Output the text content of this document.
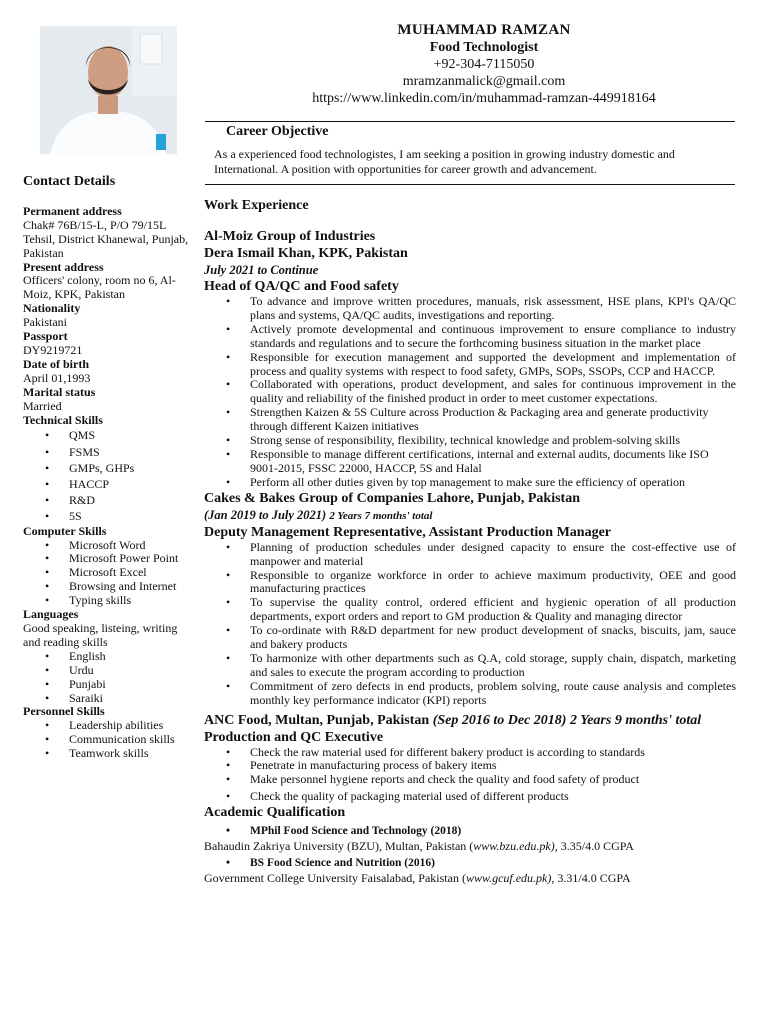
MUHAMMAD RAMZAN
Food Technologist
+92-304-7115050
mramzanmalick@gmail.com
https://www.linkedin.com/in/muhammad-ramzan-449918164
Career Objective
As a experienced food technologistes, I am seeking a position in growing industry domestic and International. A position with opportunities for career growth and advancement.
Contact Details
Permanent address
Chak# 76B/15-L, P/O 79/15L Tehsil, District Khanewal, Punjab, Pakistan
Present address
Officers' colony, room no 6, Al-Moiz, KPK, Pakistan
Nationality
Pakistani
Passport
DY9219721
Date of birth
April 01,1993
Marital status
Married
Technical Skills
• QMS
• FSMS
• GMPs, GHPs
• HACCP
• R&D
• 5S
Computer Skills
• Microsoft Word
• Microsoft Power Point
• Microsoft Excel
• Browsing and Internet
• Typing skills
Languages
Good speaking, listeing, writing and reading skills
• English
• Urdu
• Punjabi
• Saraiki
Personnel Skills
• Leadership abilities
• Communication skills
• Teamwork skills
Work Experience
Al-Moiz Group of Industries
Dera Ismail Khan, KPK, Pakistan
July 2021 to Continue
Head of QA/QC and Food safety
• To advance and improve written procedures, manuals, risk assessment, HSE plans, KPI's QA/QC plans and systems, QA/QC audits, investigations and reporting.
• Actively promote developmental and continuous improvement to ensure compliance to industry standards and regulations and to secure the forthcoming business situation in the market place
• Responsible for execution management and supported the development and implementation of process and quality systems with respect to food safety, GMPs, SOPs, SSOPs, CCP and HACCP.
• Collaborated with operations, product development, and sales for continuous improvement in the quality and reliability of the finished product in order to meet customer expectations.
• Strengthen Kaizen & 5S Culture across Production & Packaging area and generate productivity through different Kaizen initiatives
• Strong sense of responsibility, flexibility, technical knowledge and problem-solving skills
• Responsible to manage different certifications, internal and external audits, documents like ISO 9001-2015, FSSC 22000, HACCP, 5S and Halal
• Perform all other duties given by top management to make sure the efficiency of operation
Cakes & Bakes Group of Companies Lahore, Punjab, Pakistan
(Jan 2019 to July 2021) 2 Years 7 months' total
Deputy Management Representative, Assistant Production Manager
• Planning of production schedules under designed capacity to ensure the cost-effective use of manpower and material
• Responsible to organize workforce in order to achieve maximum productivity, OEE and good manufacturing practices
• To supervise the quality control, ordered efficient and hygienic operation of all production departments, export orders and report to GM production & Quality and managing director
• To co-ordinate with R&D department for new product development of snacks, biscuits, jam, sauce and bakery products
• To harmonize with other departments such as Q.A, cold storage, supply chain, dispatch, marketing and sales to execute the program according to production
• Commitment of zero defects in end products, problem solving, route cause analysis and completes monthly key performance indicator (KPI) reports
ANC Food, Multan, Punjab, Pakistan (Sep 2016 to Dec 2018) 2 Years 9 months' total
Production and QC Executive
• Check the raw material used for different bakery product is according to standards
• Penetrate in manufacturing process of bakery items
• Make personnel hygiene reports and check the quality and food safety of product
• Check the quality of packaging material used of different products
Academic Qualification
• MPhil Food Science and Technology (2018)
Bahaudin Zakriya University (BZU), Multan, Pakistan (www.bzu.edu.pk), 3.35/4.0 CGPA
• BS Food Science and Nutrition (2016)
Government College University Faisalabad, Pakistan (www.gcuf.edu.pk), 3.31/4.0 CGPA
